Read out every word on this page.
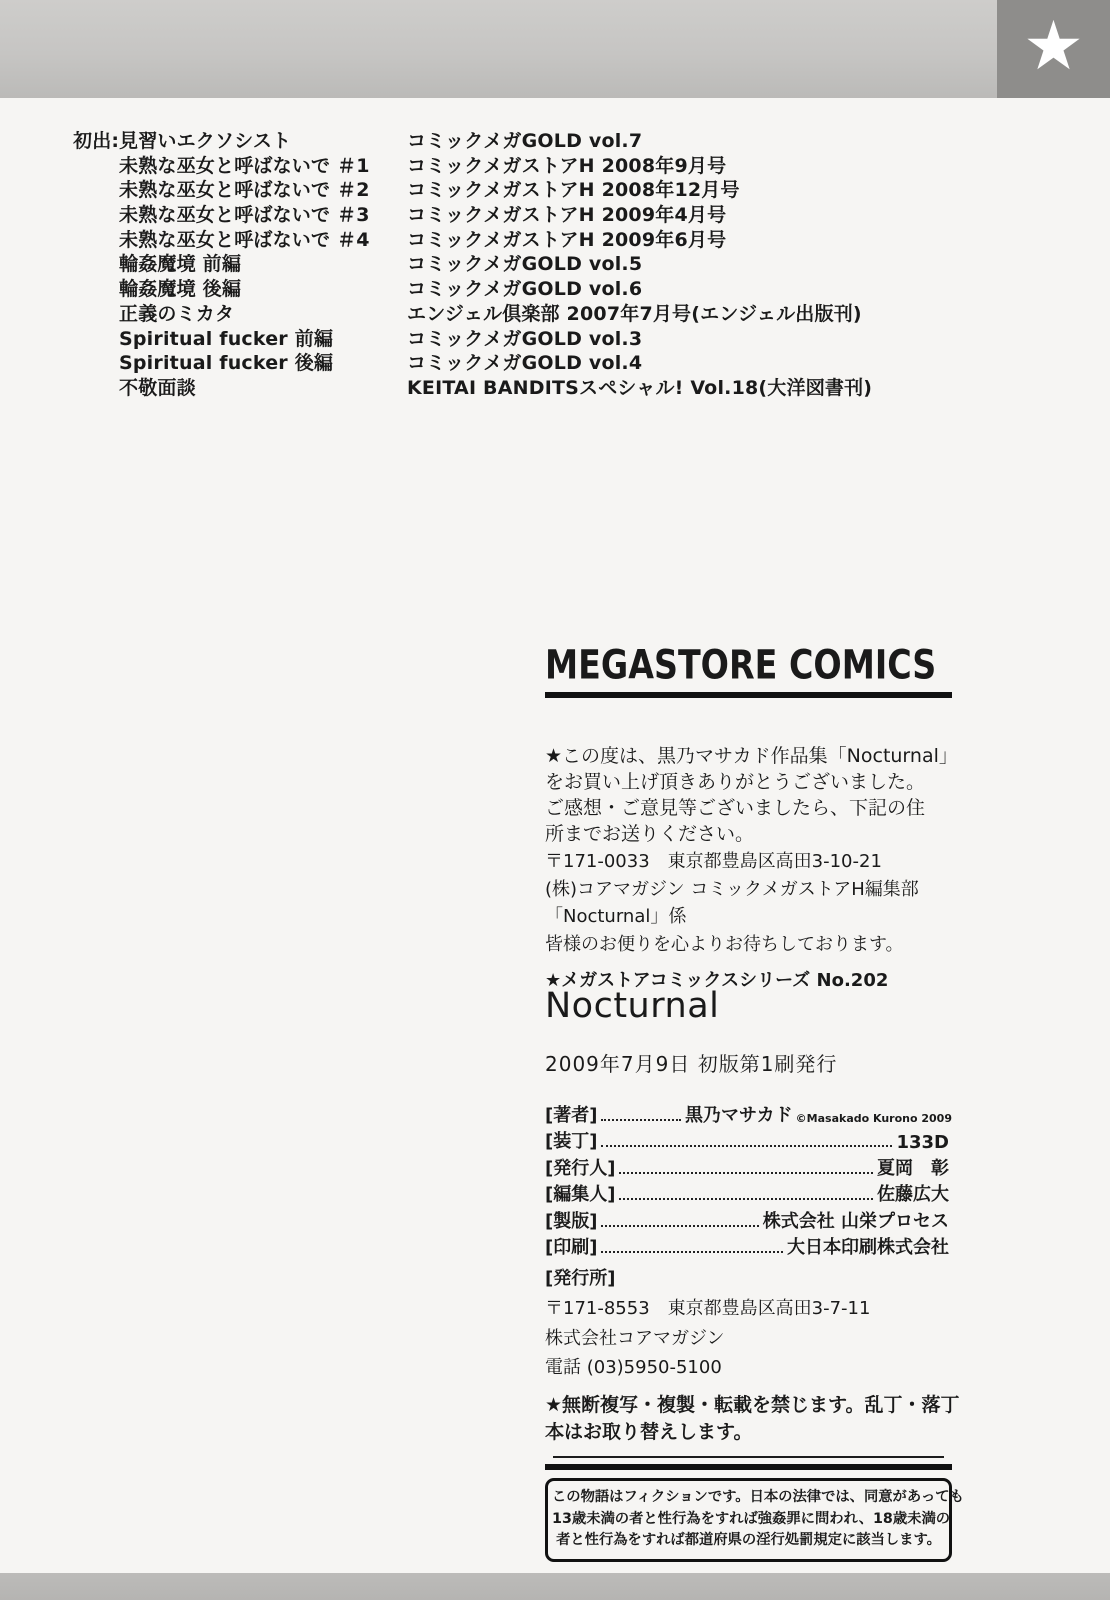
★
初出: 見習いエクソシスト	コミックメガGOLD vol.7
未熟な巫女と呼ばないで ＃1	コミックメガストアH 2008年9月号
未熟な巫女と呼ばないで ＃2	コミックメガストアH 2008年12月号
未熟な巫女と呼ばないで ＃3	コミックメガストアH 2009年4月号
未熟な巫女と呼ばないで ＃4	コミックメガストアH 2009年6月号
輪姦魔境 前編	コミックメガGOLD vol.5
輪姦魔境 後編	コミックメガGOLD vol.6
正義のミカタ	エンジェル倶楽部 2007年7月号(エンジェル出版刊)
Spiritual fucker 前編	コミックメガGOLD vol.3
Spiritual fucker 後編	コミックメガGOLD vol.4
不敬面談	KEITAI BANDITSスペシャル! Vol.18(大洋図書刊)
MEGASTORE COMICS
★この度は、黒乃マサカド作品集「Nocturnal」
をお買い上げ頂きありがとうございました。
ご感想・ご意見等ございましたら、下記の住
所までお送りください。
〒171-0033　東京都豊島区高田3-10-21
(株)コアマガジン コミックメガストアH編集部
「Nocturnal」係
皆様のお便りを心よりお待ちしております。
★メガストアコミックスシリーズ No.202
Nocturnal
2009年7月9日 初版第1刷発行
[著者]	黒乃マサカド ©Masakado Kurono 2009
[装丁]	133D
[発行人]	夏岡　彰
[編集人]	佐藤広大
[製版]	株式会社 山栄プロセス
[印刷]	大日本印刷株式会社
[発行所]
〒171-8553　東京都豊島区高田3-7-11
株式会社コアマガジン
電話 (03)5950-5100
★無断複写・複製・転載を禁じます。乱丁・落丁
本はお取り替えします。
この物語はフィクションです。日本の法律では、同意があっても
13歳未満の者と性行為をすれば強姦罪に問われ、18歳未満の
者と性行為をすれば都道府県の淫行処罰規定に該当します。
